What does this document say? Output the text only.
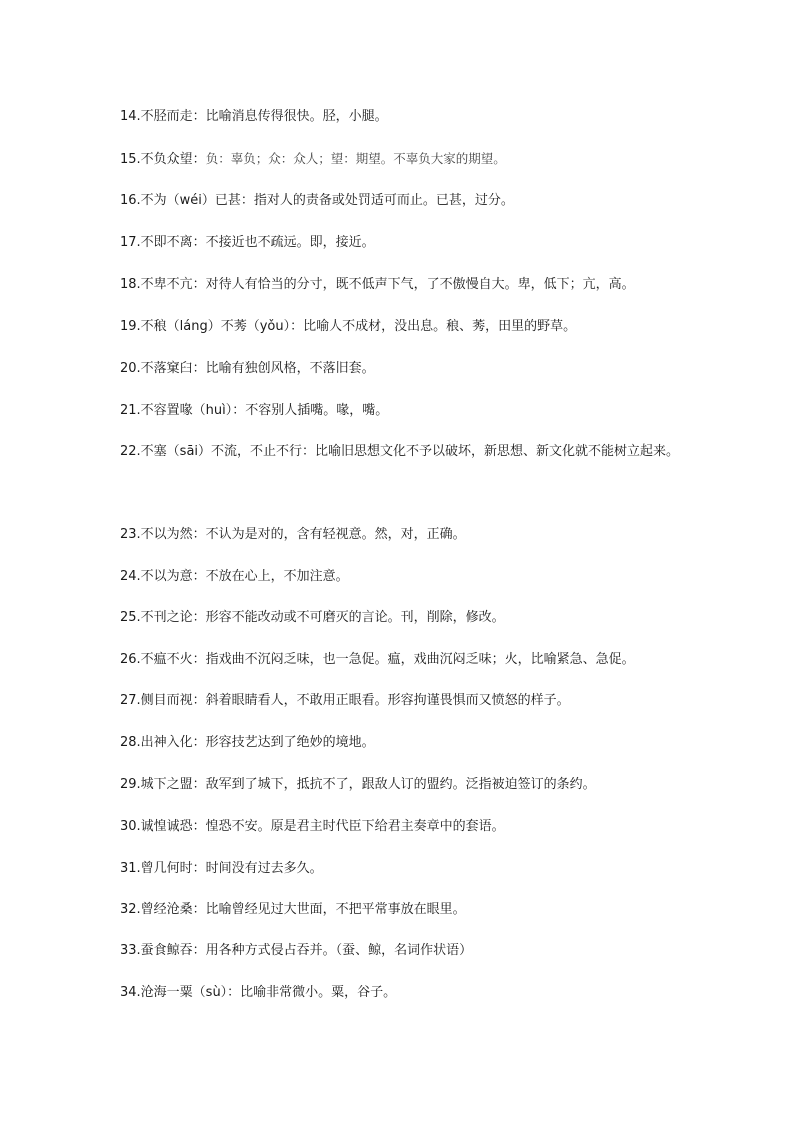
14.不胫而走：比喻消息传得很快。胫，小腿。
15.不负众望：负：辜负；众：众人；望：期望。不辜负大家的期望。
16.不为（wéi）已甚：指对人的责备或处罚适可而止。已甚，过分。
17.不即不离：不接近也不疏远。即，接近。
18.不卑不亢：对待人有恰当的分寸，既不低声下气，了不傲慢自大。卑，低下；亢，高。
19.不稂（láng）不莠（yǒu）：比喻人不成材，没出息。稂、莠，田里的野草。
20.不落窠臼：比喻有独创风格，不落旧套。
21.不容置喙（huì）：不容别人插嘴。喙，嘴。
22.不塞（sāi）不流，不止不行：比喻旧思想文化不予以破坏，新思想、新文化就不能树立起来。
23.不以为然：不认为是对的，含有轻视意。然，对，正确。
24.不以为意：不放在心上，不加注意。
25.不刊之论：形容不能改动或不可磨灭的言论。刊，削除，修改。
26.不瘟不火：指戏曲不沉闷乏味，也一急促。瘟，戏曲沉闷乏味；火，比喻紧急、急促。
27.侧目而视：斜着眼睛看人，不敢用正眼看。形容拘谨畏惧而又愤怒的样子。
28.出神入化：形容技艺达到了绝妙的境地。
29.城下之盟：敌军到了城下，抵抗不了，跟敌人订的盟约。泛指被迫签订的条约。
30.诚惶诚恐：惶恐不安。原是君主时代臣下给君主奏章中的套语。
31.曾几何时：时间没有过去多久。
32.曾经沧桑：比喻曾经见过大世面，不把平常事放在眼里。
33.蚕食鲸吞：用各种方式侵占吞并。（蚕、鲸，名词作状语）
34.沧海一粟（sù）：比喻非常微小。粟，谷子。
